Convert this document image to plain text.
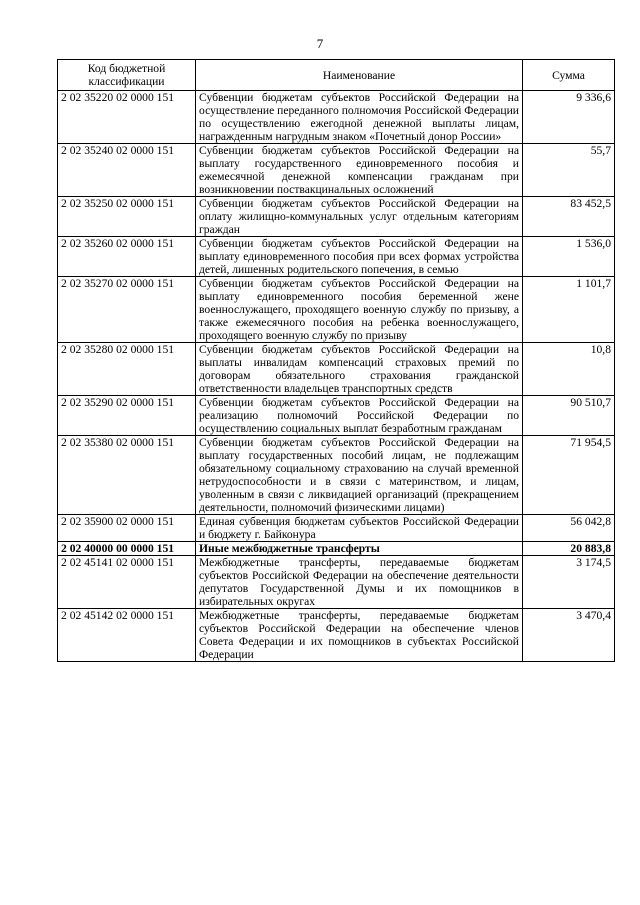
7
Код бюджетной классификации	Наименование	Сумма
2 02 35220 02 0000 151	Субвенции бюджетам субъектов Российской Федерации на осуществление переданного полномочия Российской Федерации по осуществлению ежегодной денежной выплаты лицам, награжденным нагрудным знаком «Почетный донор России»	9 336,6
2 02 35240 02 0000 151	Субвенции бюджетам субъектов Российской Федерации на выплату государственного единовременного пособия и ежемесячной денежной компенсации гражданам при возникновении поствакцинальных осложнений	55,7
2 02 35250 02 0000 151	Субвенции бюджетам субъектов Российской Федерации на оплату жилищно-коммунальных услуг отдельным категориям граждан	83 452,5
2 02 35260 02 0000 151	Субвенции бюджетам субъектов Российской Федерации на выплату единовременного пособия при всех формах устройства детей, лишенных родительского попечения, в семью	1 536,0
2 02 35270 02 0000 151	Субвенции бюджетам субъектов Российской Федерации на выплату единовременного пособия беременной жене военнослужащего, проходящего военную службу по призыву, а также ежемесячного пособия на ребенка военнослужащего, проходящего военную службу по призыву	1 101,7
2 02 35280 02 0000 151	Субвенции бюджетам субъектов Российской Федерации на выплаты инвалидам компенсаций страховых премий по договорам обязательного страхования гражданской ответственности владельцев транспортных средств	10,8
2 02 35290 02 0000 151	Субвенции бюджетам субъектов Российской Федерации на реализацию полномочий Российской Федерации по осуществлению социальных выплат безработным гражданам	90 510,7
2 02 35380 02 0000 151	Субвенции бюджетам субъектов Российской Федерации на выплату государственных пособий лицам, не подлежащим обязательному социальному страхованию на случай временной нетрудоспособности и в связи с материнством, и лицам, уволенным в связи с ликвидацией организаций (прекращением деятельности, полномочий физическими лицами)	71 954,5
2 02 35900 02 0000 151	Единая субвенция бюджетам субъектов Российской Федерации и бюджету г. Байконура	56 042,8
2 02 40000 00 0000 151	Иные межбюджетные трансферты	20 883,8
2 02 45141 02 0000 151	Межбюджетные трансферты, передаваемые бюджетам субъектов Российской Федерации на обеспечение деятельности депутатов Государственной Думы и их помощников в избирательных округах	3 174,5
2 02 45142 02 0000 151	Межбюджетные трансферты, передаваемые бюджетам субъектов Российской Федерации на обеспечение членов Совета Федерации и их помощников в субъектах Российской Федерации	3 470,4
